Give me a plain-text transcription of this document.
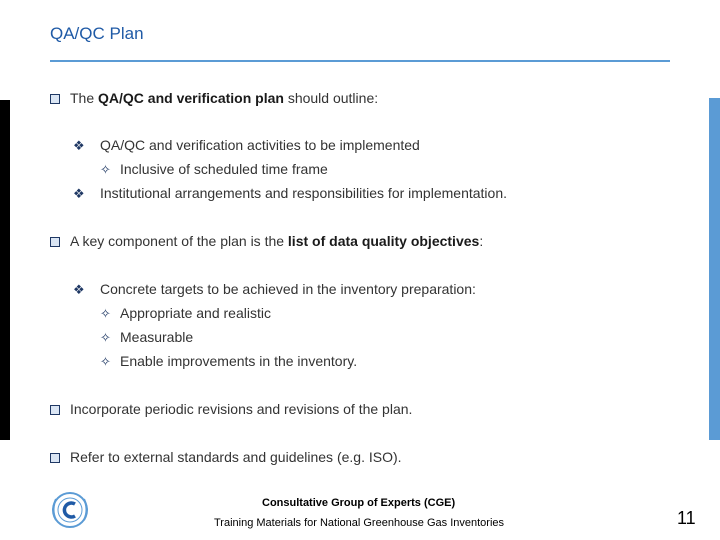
QA/QC Plan
The QA/QC and verification plan should outline:
❖ QA/QC and verification activities to be implemented
✧ Inclusive of scheduled time frame
❖ Institutional arrangements and responsibilities for implementation.
A key component of the plan is the list of data quality objectives:
❖ Concrete targets to be achieved in the inventory preparation:
✧ Appropriate and realistic
✧ Measurable
✧ Enable improvements in the inventory.
Incorporate periodic revisions and revisions of the plan.
Refer to external standards and guidelines (e.g. ISO).
Consultative Group of Experts (CGE)
Training Materials for National Greenhouse Gas Inventories	11
